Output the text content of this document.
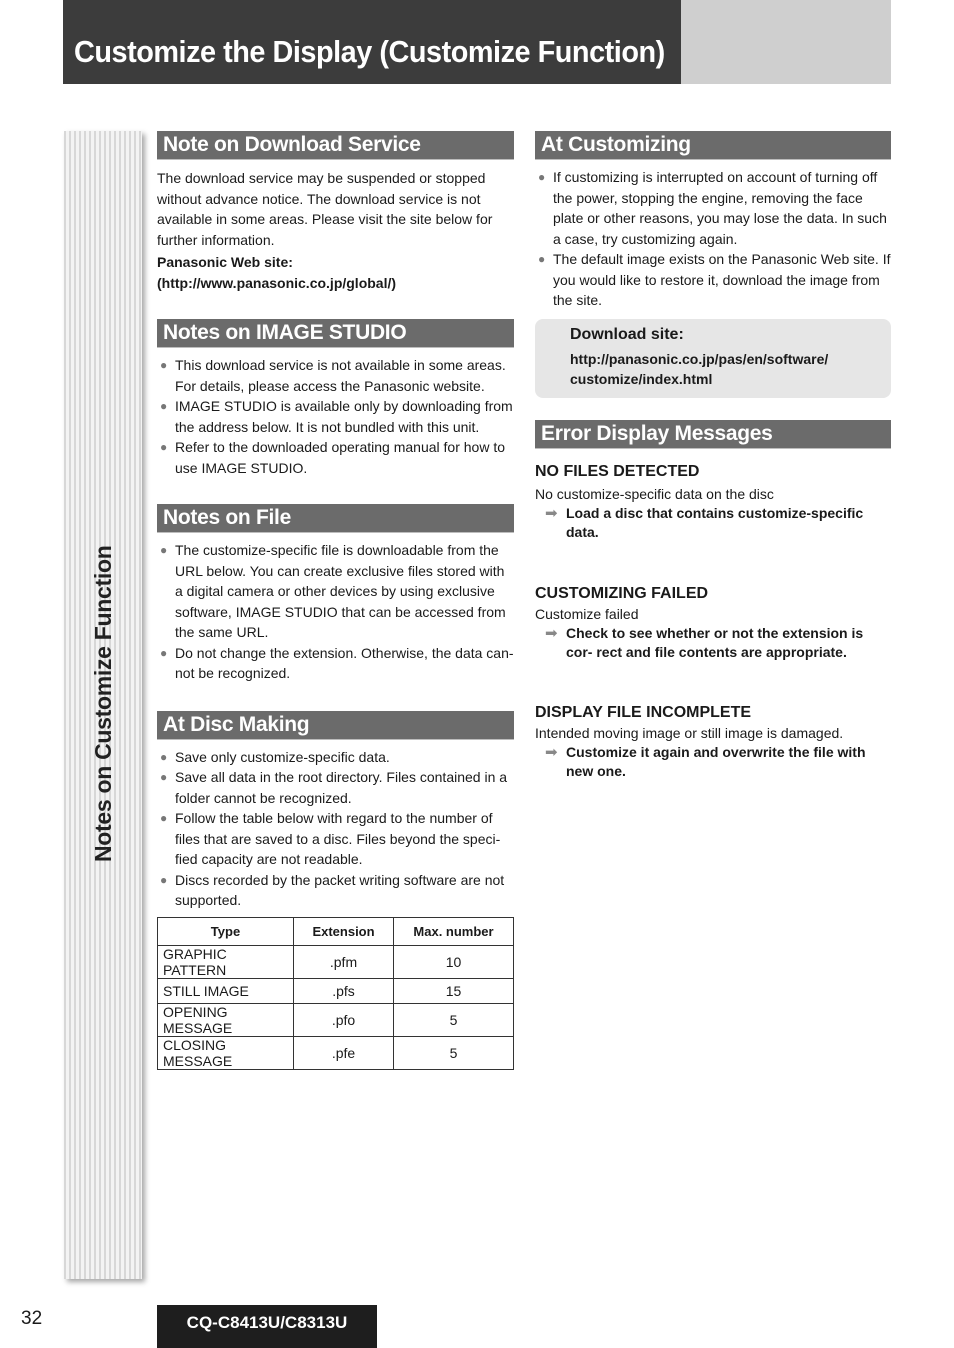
Customize the Display (Customize Function)

Notes on Customize Function

Note on Download Service

The download service may be suspended or stopped without advance notice. The download service is not available in some areas. Please visit the site below for further information.

Panasonic Web site:

(http://www.panasonic.co.jp/global/)

Notes on IMAGE STUDIO
● This download service is not available in some areas. For details, please access the Panasonic website.
● IMAGE STUDIO is available only by downloading from the address below. It is not bundled with this unit.
● Refer to the downloaded operating manual for how to use IMAGE STUDIO.
Notes on File
● The customize-specific file is downloadable from the URL below. You can create exclusive files stored with a digital camera or other devices by using exclusive software, IMAGE STUDIO that can be accessed from the same URL.
● Do not change the extension. Otherwise, the data can- not be recognized.
At Disc Making
● Save only customize-specific data.
● Save all data in the root directory. Files contained in a folder cannot be recognized.
● Follow the table below with regard to the number of files that are saved to a disc. Files beyond the speci- fied capacity are not readable.
● Discs recorded by the packet writing software are not supported.
Type	Extension	Max. number
GRAPHIC PATTERN	.pfm	10
STILL IMAGE	.pfs	15
OPENING MESSAGE	.pfo	5
CLOSING MESSAGE	.pfe	5
At Customizing
● If customizing is interrupted on account of turning off the power, stopping the engine, removing the face plate or other reasons, you may lose the data. In such a case, try customizing again.
● The default image exists on the Panasonic Web site. If you would like to restore it, download the image from the site.

Download site:

http://panasonic.co.jp/pas/en/software/ customize/index.html

Error Display Messages

NO FILES DETECTED

No customize-specific data on the disc

➡ Load a disc that contains customize-specific data.

CUSTOMIZING FAILED

Customize failed

➡ Check to see whether or not the extension is cor- rect and file contents are appropriate.

DISPLAY FILE INCOMPLETE

Intended moving image or still image is damaged.

➡ Customize it again and overwrite the file with new one.

32	CQ-C8413U/C8313U
